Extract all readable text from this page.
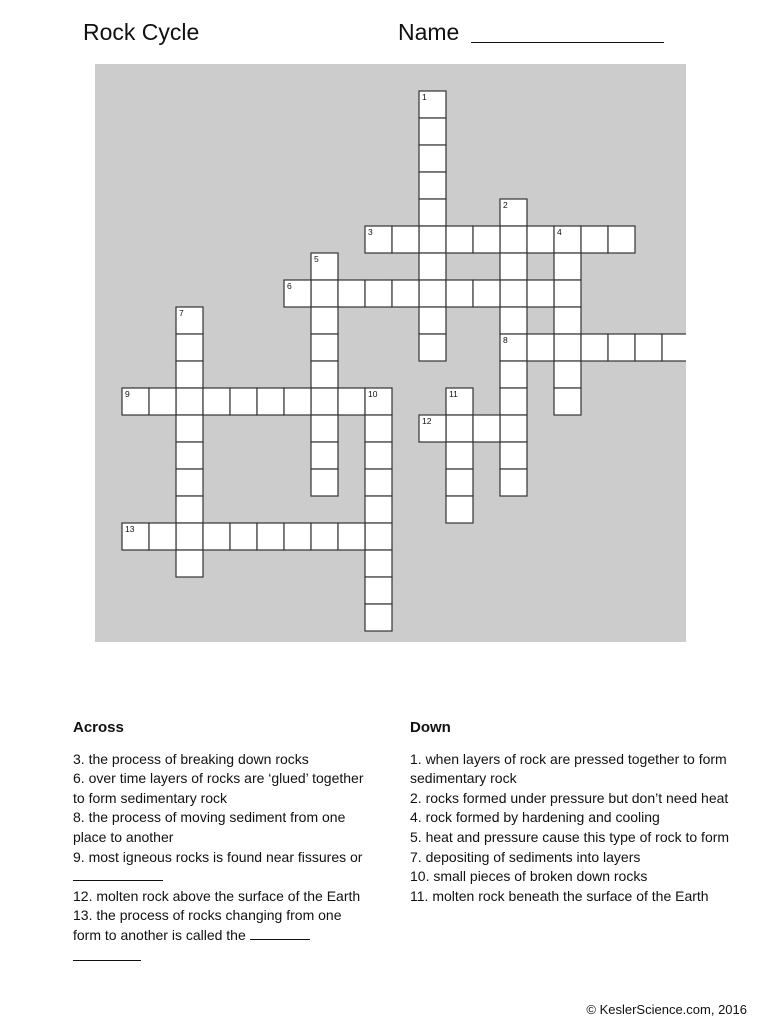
Rock Cycle	Name
1
2
3	4
5
6
7
8
9	10	11
12
13
Across

3. the process of breaking down rocks

6. over time layers of rocks are ‘glued’ together to form sedimentary rock

8. the process of moving sediment from one place to another

9. most igneous rocks is found near fissures or

12. molten rock above the surface of the Earth

13. the process of rocks changing from one form to another is called the

Down

1. when layers of rock are pressed together to form sedimentary rock

2. rocks formed under pressure but don’t need heat

4. rock formed by hardening and cooling

5. heat and pressure cause this type of rock to form

7. depositing of sediments into layers

10. small pieces of broken down rocks

11. molten rock beneath the surface of the Earth

© KeslerScience.com, 2016
